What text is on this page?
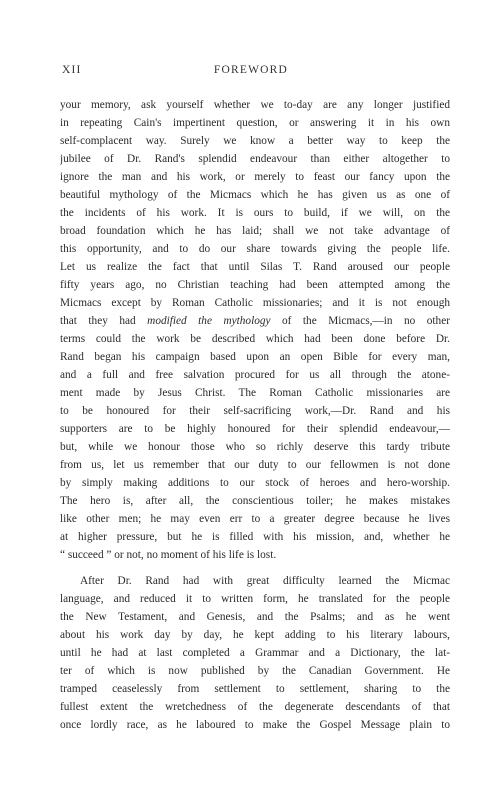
XII	FOREWORD
your memory, ask yourself whether we to-day are any longer justified
in repeating Cain's impertinent question, or answering it in his own
self-complacent way. Surely we know a better way to keep the
jubilee of Dr. Rand's splendid endeavour than either altogether to
ignore the man and his work, or merely to feast our fancy upon the
beautiful mythology of the Micmacs which he has given us as one of
the incidents of his work. It is ours to build, if we will, on the
broad foundation which he has laid; shall we not take advantage of
this opportunity, and to do our share towards giving the people life.
Let us realize the fact that until Silas T. Rand aroused our people
fifty years ago, no Christian teaching had been attempted among the
Micmacs except by Roman Catholic missionaries; and it is not enough
that they had modified the mythology of the Micmacs,—in no other
terms could the work be described which had been done before Dr.
Rand began his campaign based upon an open Bible for every man,
and a full and free salvation procured for us all through the atone-
ment made by Jesus Christ. The Roman Catholic missionaries are
to be honoured for their self-sacrificing work,—Dr. Rand and his
supporters are to be highly honoured for their splendid endeavour,—
but, while we honour those who so richly deserve this tardy tribute
from us, let us remember that our duty to our fellowmen is not done
by simply making additions to our stock of heroes and hero-worship.
The hero is, after all, the conscientious toiler; he makes mistakes
like other men; he may even err to a greater degree because he lives
at higher pressure, but he is filled with his mission, and, whether he
“ succeed ” or not, no moment of his life is lost.
After Dr. Rand had with great difficulty learned the Micmac
language, and reduced it to written form, he translated for the people
the New Testament, and Genesis, and the Psalms; and as he went
about his work day by day, he kept adding to his literary labours,
until he had at last completed a Grammar and a Dictionary, the lat-
ter of which is now published by the Canadian Government. He
tramped ceaselessly from settlement to settlement, sharing to the
fullest extent the wretchedness of the degenerate descendants of that
once lordly race, as he laboured to make the Gospel Message plain to
